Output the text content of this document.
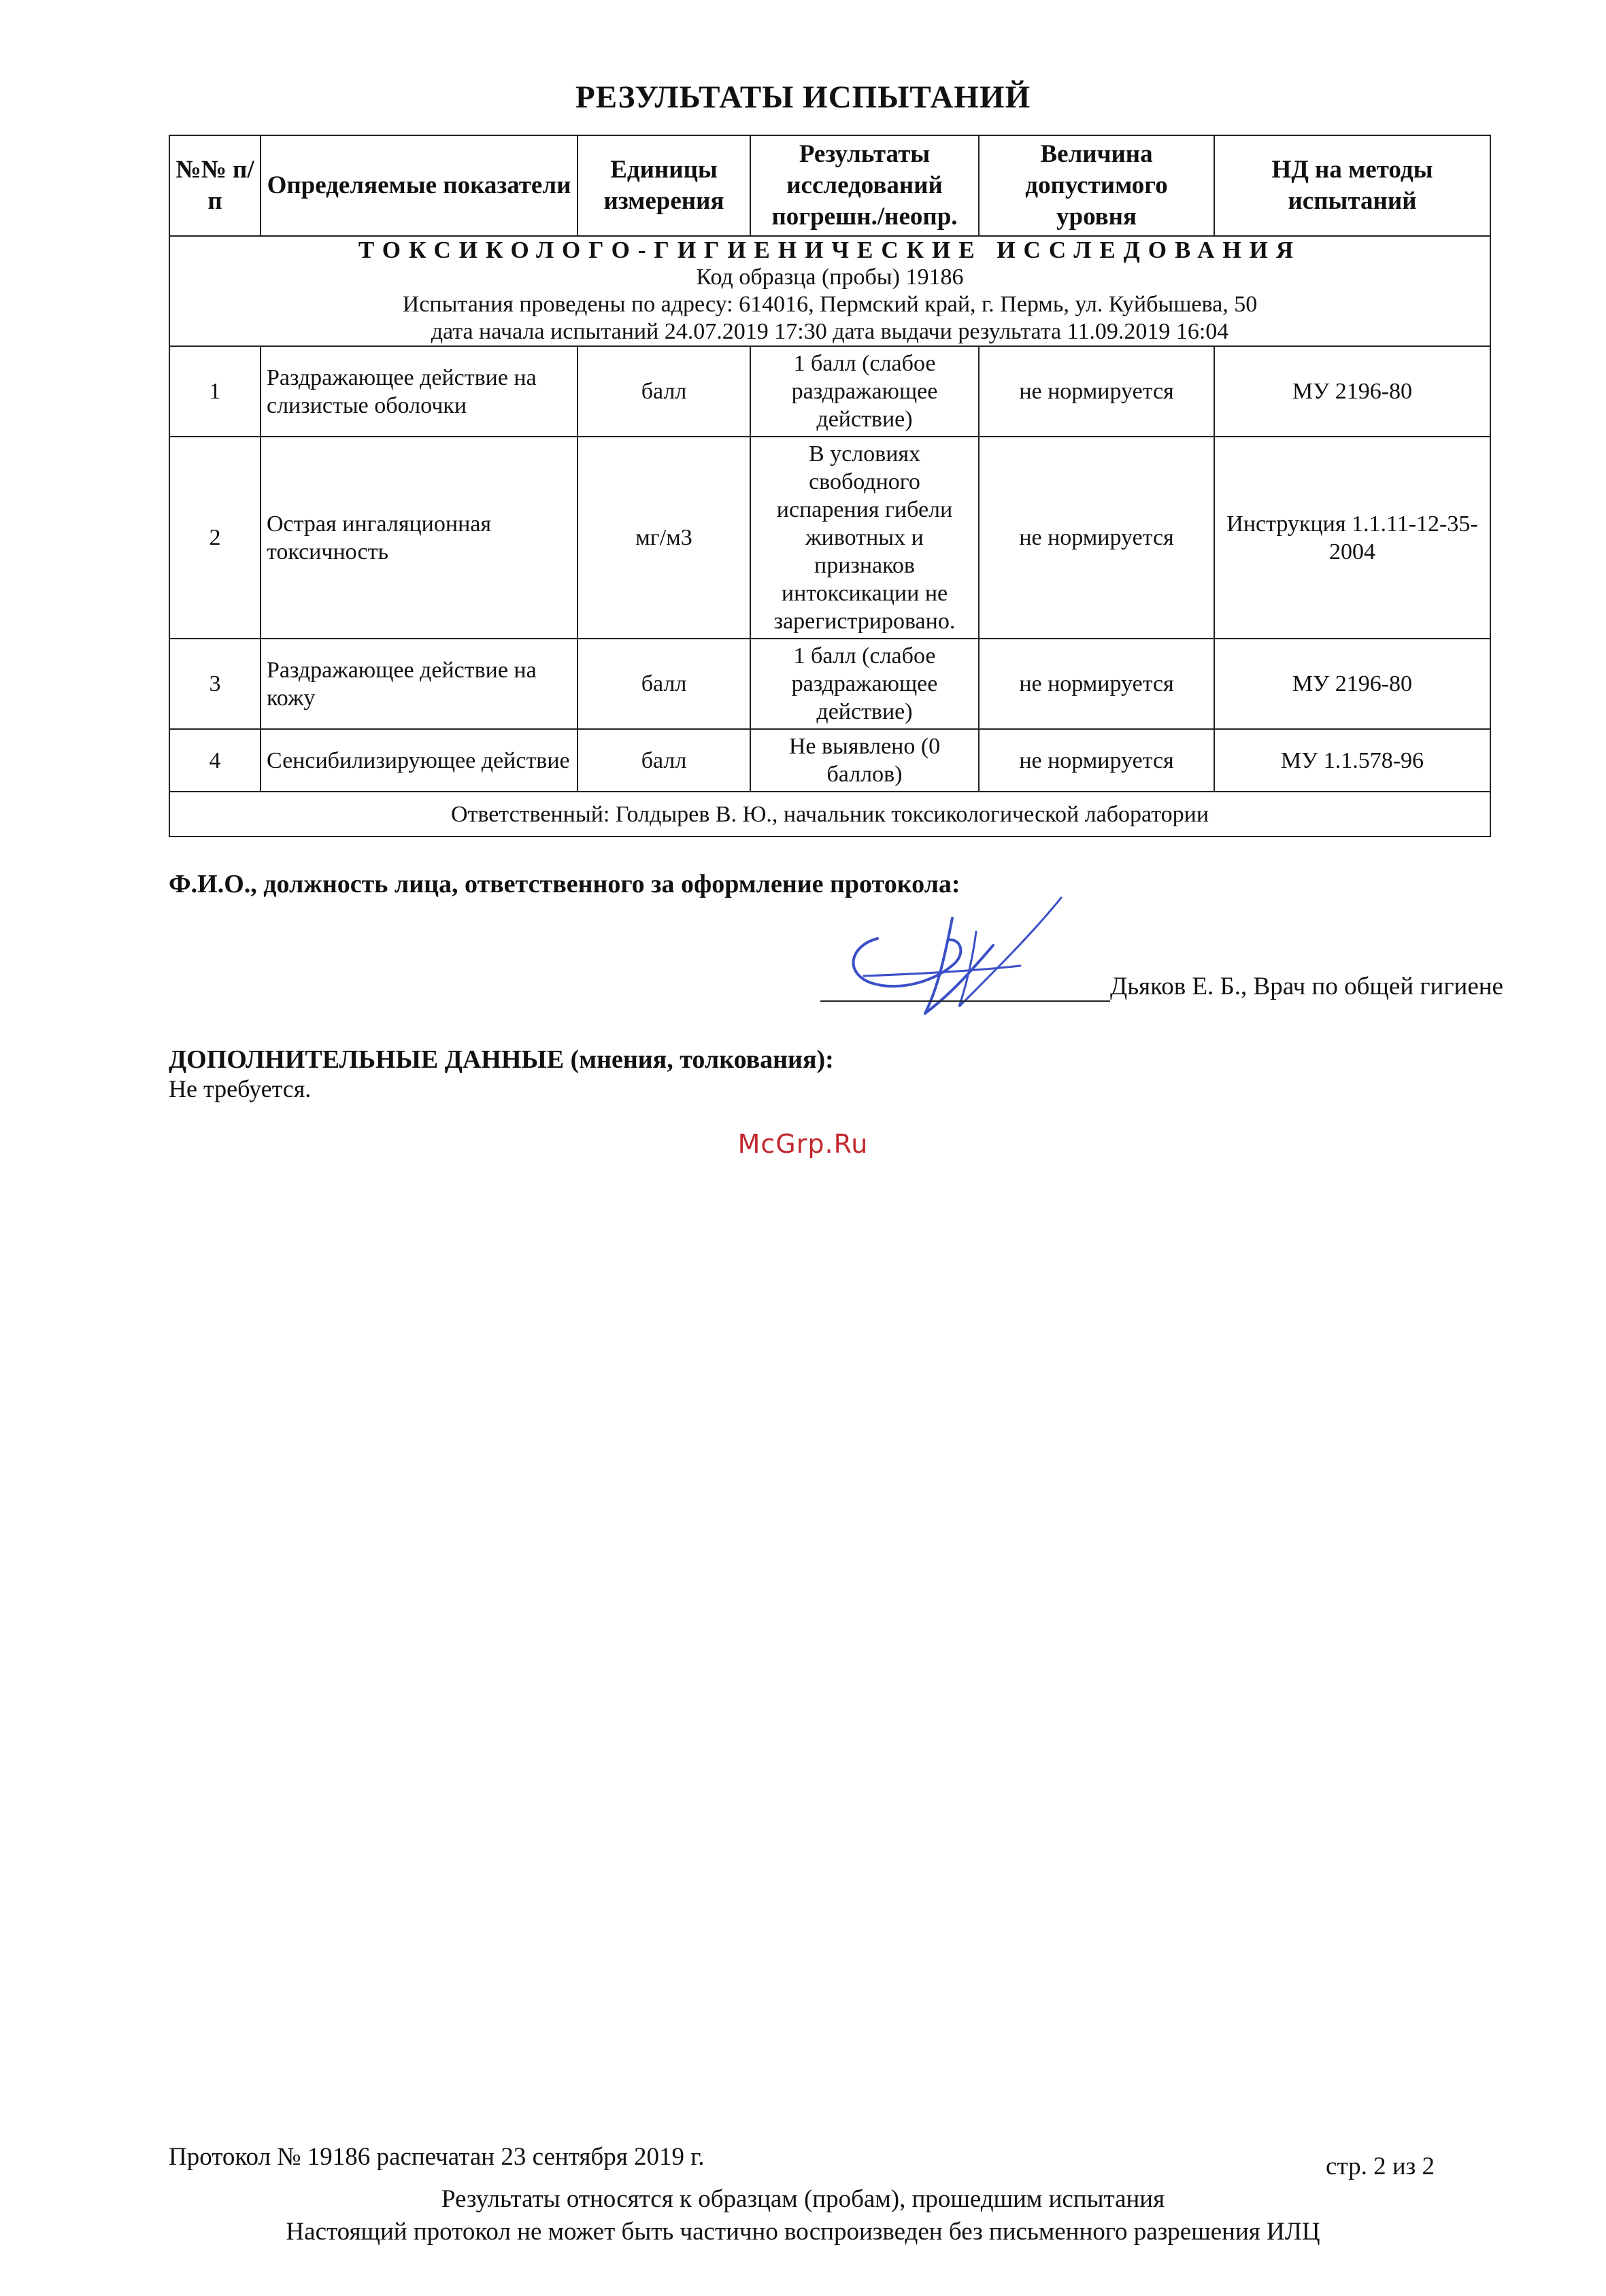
РЕЗУЛЬТАТЫ ИСПЫТАНИЙ
№№ п/п	Определяемые показатели	Единицы измерения	Результаты исследований погрешн./неопр.	Величина допустимого уровня	НД на методы испытаний

ТОКСИКОЛОГО-ГИГИЕНИЧЕСКИЕ ИССЛЕДОВАНИЯ
Код образца (пробы) 19186
Испытания проведены по адресу: 614016, Пермский край, г. Пермь, ул. Куйбышева, 50
дата начала испытаний 24.07.2019 17:30 дата выдачи результата 11.09.2019 16:04					

1	Раздражающее действие на слизистые оболочки	балл	1 балл (слабое раздражающее действие)	не нормируется	МУ 2196-80
2	Острая ингаляционная токсичность	мг/м3	В условиях свободного испарения гибели животных и признаков интоксикации не зарегистрировано.	не нормируется	Инструкция 1.1.11-12-35-2004
3	Раздражающее действие на кожу	балл	1 балл (слабое раздражающее действие)	не нормируется	МУ 2196-80
4	Сенсибилизирующее действие	балл	Не выявлено (0 баллов)	не нормируется	МУ 1.1.578-96
Ответственный: Голдырев В. Ю., начальник токсикологической лаборатории					
Ф.И.О., должность лица, ответственного за оформление протокола:
Дьяков Е. Б., Врач по общей гигиене
ДОПОЛНИТЕЛЬНЫЕ ДАННЫЕ (мнения, толкования):
Не требуется.
McGrp.Ru
Протокол № 19186 распечатан 23 сентября 2019 г.	стр. 2 из 2
Результаты относятся к образцам (пробам), прошедшим испытания
Настоящий протокол не может быть частично воспроизведен без письменного разрешения ИЛЦ
